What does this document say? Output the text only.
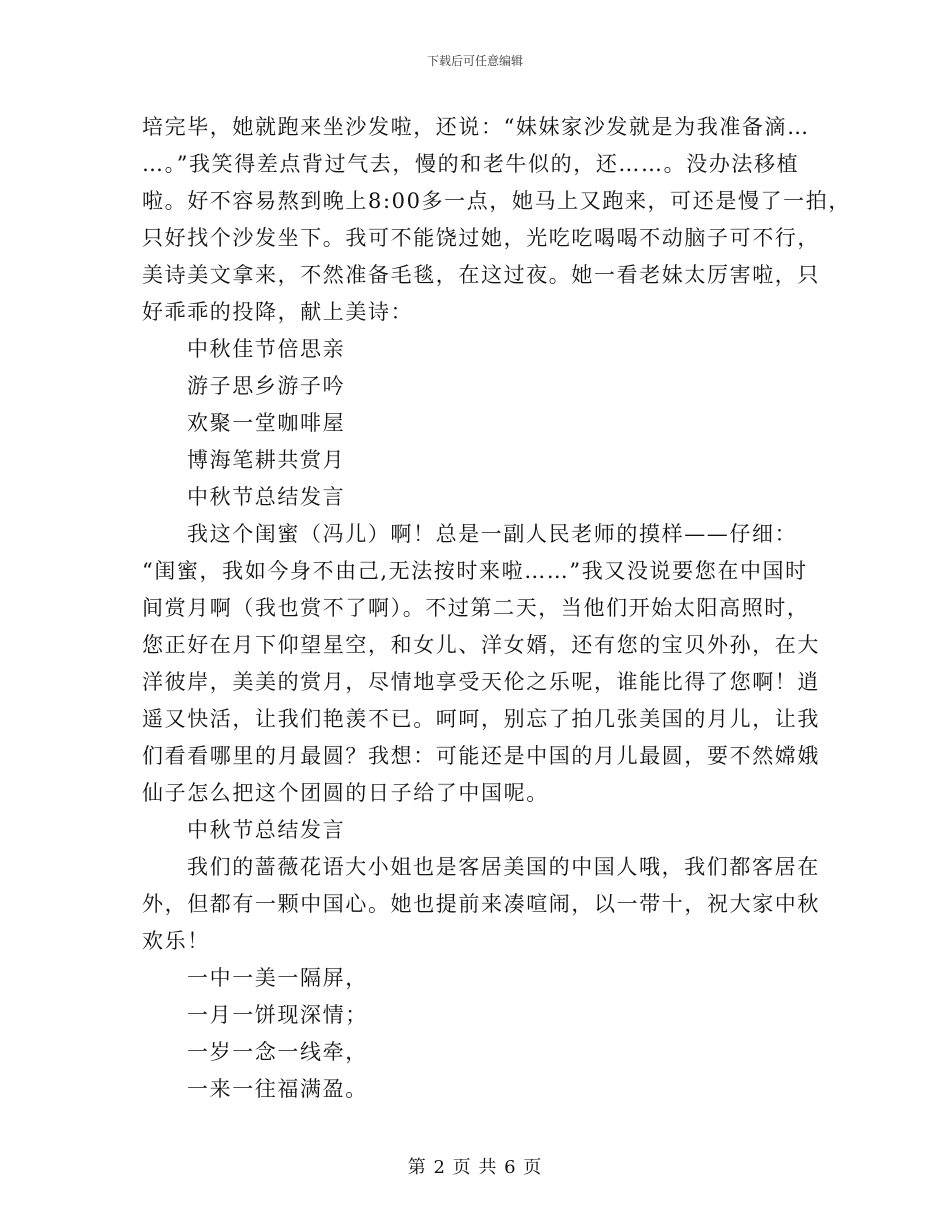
下载后可任意编辑
培完毕，她就跑来坐沙发啦，还说：“妹妹家沙发就是为我准备滴…
…。”我笑得差点背过气去，慢的和老牛似的，还……。没办法移植
啦。好不容易熬到晚上8:00多一点，她马上又跑来，可还是慢了一拍，
只好找个沙发坐下。我可不能饶过她，光吃吃喝喝不动脑子可不行，
美诗美文拿来，不然准备毛毯，在这过夜。她一看老妹太厉害啦，只
好乖乖的投降，献上美诗：
中秋佳节倍思亲
游子思乡游子吟
欢聚一堂咖啡屋
博海笔耕共赏月
中秋节总结发言
我这个闺蜜（冯儿）啊！总是一副人民老师的摸样——仔细：
“闺蜜，我如今身不由己,无法按时来啦……”我又没说要您在中国时
间赏月啊（我也赏不了啊）。不过第二天，当他们开始太阳高照时，
您正好在月下仰望星空，和女儿、洋女婿，还有您的宝贝外孙，在大
洋彼岸，美美的赏月，尽情地享受天伦之乐呢，谁能比得了您啊！逍
遥又快活，让我们艳羡不已。呵呵，别忘了拍几张美国的月儿，让我
们看看哪里的月最圆？我想：可能还是中国的月儿最圆，要不然嫦娥
仙子怎么把这个团圆的日子给了中国呢。
中秋节总结发言
我们的蔷薇花语大小姐也是客居美国的中国人哦，我们都客居在
外，但都有一颗中国心。她也提前来凑喧闹，以一带十，祝大家中秋
欢乐！
一中一美一隔屏，
一月一饼现深情；
一岁一念一线牵，
一来一往福满盈。
第 2 页 共 6 页
